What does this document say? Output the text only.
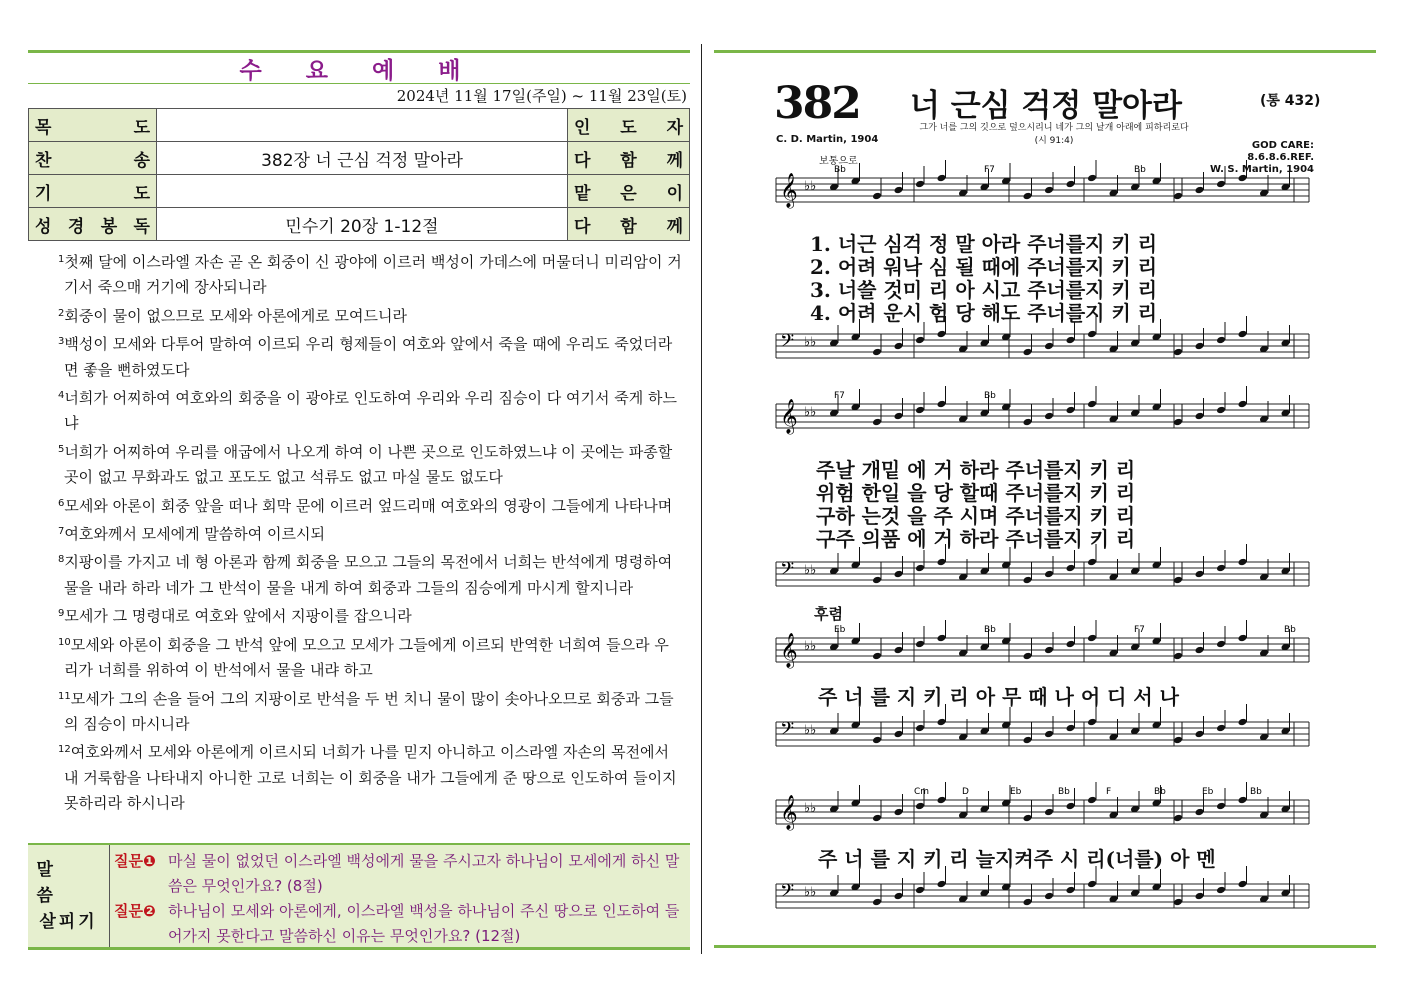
수 요 예 배
2024년 11월 17일(주일) ~ 11월 23일(토)
목 도		인 도 자

찬 송	382장 너 근심 걱정 말아라	다 함 께

기 도		맡 은 이

성 경 봉 독	민수기 20장 1-12절	다 함 께
$^1$첫째 달에 이스라엘 자손 곧 온 회중이 신 광야에 이르러 백성이 가데스에 머물더니 미리암이 거기서 죽으매 거기에 장사되니라
$^2$회중이 물이 없으므로 모세와 아론에게로 모여드니라
$^3$백성이 모세와 다투어 말하여 이르되 우리 형제들이 여호와 앞에서 죽을 때에 우리도 죽었더라면 좋을 뻔하였도다
$^4$너희가 어찌하여 여호와의 회중을 이 광야로 인도하여 우리와 우리 짐승이 다 여기서 죽게 하느냐
$^5$너희가 어찌하여 우리를 애굽에서 나오게 하여 이 나쁜 곳으로 인도하였느냐 이 곳에는 파종할 곳이 없고 무화과도 없고 포도도 없고 석류도 없고 마실 물도 없도다
$^6$모세와 아론이 회중 앞을 떠나 회막 문에 이르러 엎드리매 여호와의 영광이 그들에게 나타나며
$^7$여호와께서 모세에게 말씀하여 이르시되
$^8$지팡이를 가지고 네 형 아론과 함께 회중을 모으고 그들의 목전에서 너희는 반석에게 명령하여 물을 내라 하라 네가 그 반석이 물을 내게 하여 회중과 그들의 짐승에게 마시게 할지니라
$^9$모세가 그 명령대로 여호와 앞에서 지팡이를 잡으니라
$^{10}$모세와 아론이 회중을 그 반석 앞에 모으고 모세가 그들에게 이르되 반역한 너희여 들으라 우리가 너희를 위하여 이 반석에서 물을 내랴 하고
$^{11}$모세가 그의 손을 들어 그의 지팡이로 반석을 두 번 치니 물이 많이 솟아나오므로 회중과 그들의 짐승이 마시니라
$^{12}$여호와께서 모세와 아론에게 이르시되 너희가 나를 믿지 아니하고 이스라엘 자손의 목전에서 내 거룩함을 나타내지 아니한 고로 너희는 이 회중을 내가 그들에게 준 땅으로 인도하여 들이지 못하리라 하시니라
말
씀
살피기
질문❶ 마실 물이 없었던 이스라엘 백성에게 물을 주시고자 하나님이 모세에게 하신 말씀은 무엇인가요? (8절)
질문❷ 하나님이 모세와 아론에게, 이스라엘 백성을 하나님이 주신 땅으로 인도하여 들어가지 못한다고 말씀하신 이유는 무엇인가요? (12절)
382 너 근심 걱정 말아라	(통 432)
그가 너를 그의 깃으로 덮으시리니 네가 그의 날개 아래에 피하리로다
(시 91:4)
C. D. Martin, 1904
GOD CARE: 8.6.8.6.REF.
W. S. Martin, 1904
보통으로
𝄞 ♭♭
Bb	F7	Bb
𝄢 ♭♭
𝄞 ♭♭
F7	Bb
𝄢 ♭♭
𝄞 ♭♭
Eb	Bb	F7	Bb
𝄢 ♭♭
𝄞 ♭♭
Cm	D	Eb	Bb	F	Bb	Eb	Bb
𝄢 ♭♭
1. 너근 심걱 정 말 아라 주너를지 키 리
2. 어려 워낙 심 될 때에 주너를지 키 리
3. 너쓸 것미 리 아 시고 주너를지 키 리
4. 어려 운시 험 당 해도 주너를지 키 리
주날 개밑 에 거 하라 주너를지 키 리
위험 한일 을 당 할때 주너를지 키 리
구하 는것 을 주 시며 주너를지 키 리
구주 의품 에 거 하라 주너를지 키 리
후렴
주 너 를 지 키 리 아 무 때 나 어 디 서 나
주 너 를 지 키 리 늘지켜주 시 리(너를) 아 멘
